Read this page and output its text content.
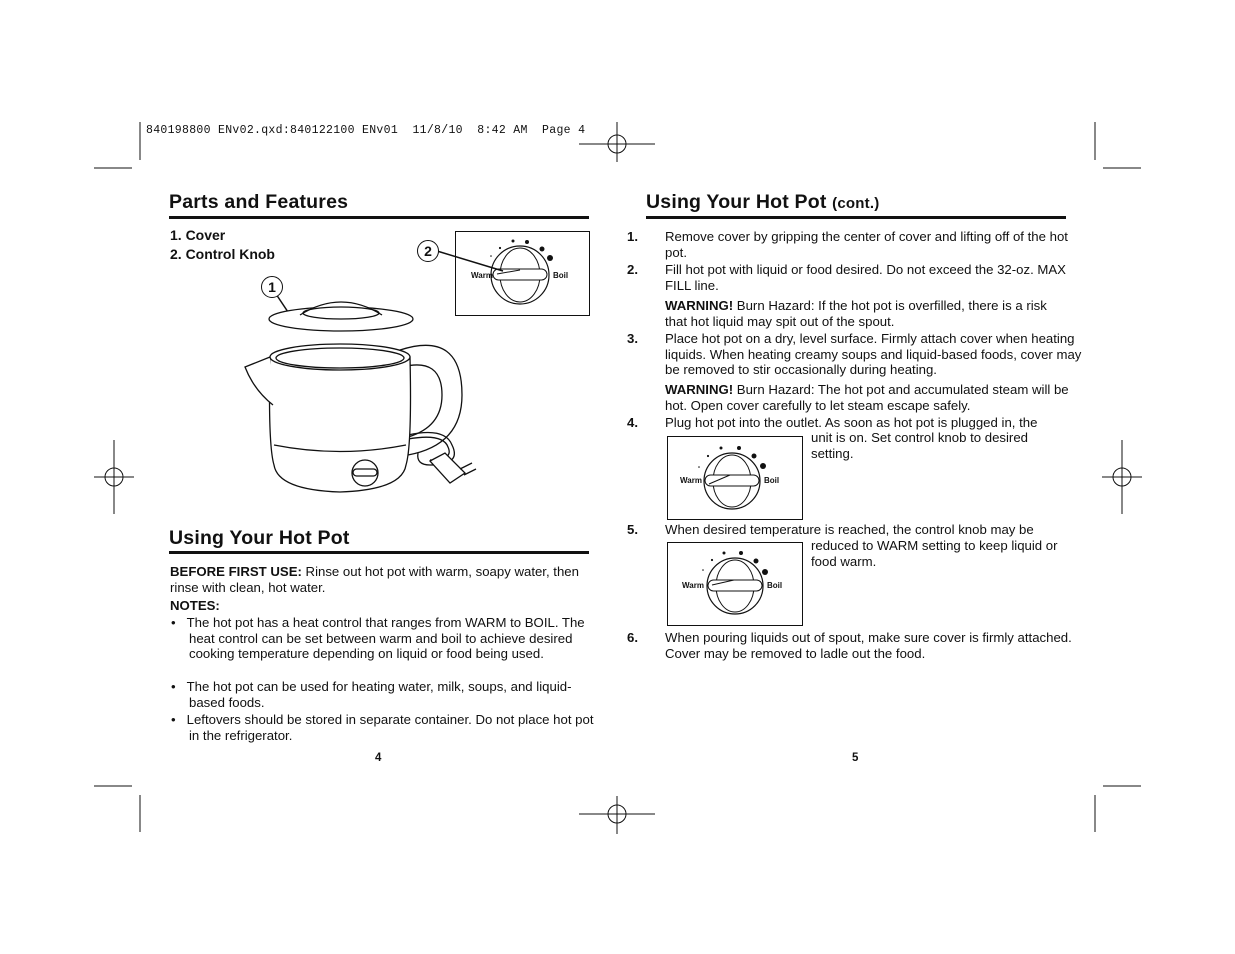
840198800 ENv02.qxd:840122100 ENv01  11/8/10  8:42 AM  Page 4
Parts and Features
1. Cover
2. Control Knob
Warm	Boil
2
1
Using Your Hot Pot
BEFORE FIRST USE: Rinse out hot pot with warm, soapy water, then rinse with clean, hot water.
NOTES:
•   The hot pot has a heat control that ranges from WARM to BOIL. The heat control can be set between warm and boil to achieve desired cooking temperature depending on liquid or food being used.
•   The hot pot can be used for heating water, milk, soups, and liquid-based foods.
•   Leftovers should be stored in separate container. Do not place hot pot in the refrigerator.
4
Using Your Hot Pot (cont.)
1. Remove cover by gripping the center of cover and lifting off of the hot pot.
2. Fill hot pot with liquid or food desired. Do not exceed the 32-oz. MAX FILL line.
WARNING! Burn Hazard: If the hot pot is overfilled, there is a risk that hot liquid may spit out of the spout.
3. Place hot pot on a dry, level surface. Firmly attach cover when heating liquids. When heating creamy soups and liquid-based foods, cover may be removed to stir occasionally during heating.
WARNING! Burn Hazard: The hot pot and accumulated steam will be hot. Open cover carefully to let steam escape safely.
4. Plug hot pot into the outlet. As soon as hot pot is plugged in, the
unit is on. Set control knob to desired setting.
Warm	Boil
5. When desired temperature is reached, the control knob may be
reduced to WARM setting to keep liquid or food warm.
Warm	Boil
6. When pouring liquids out of spout, make sure cover is firmly attached. Cover may be removed to ladle out the food.
5
